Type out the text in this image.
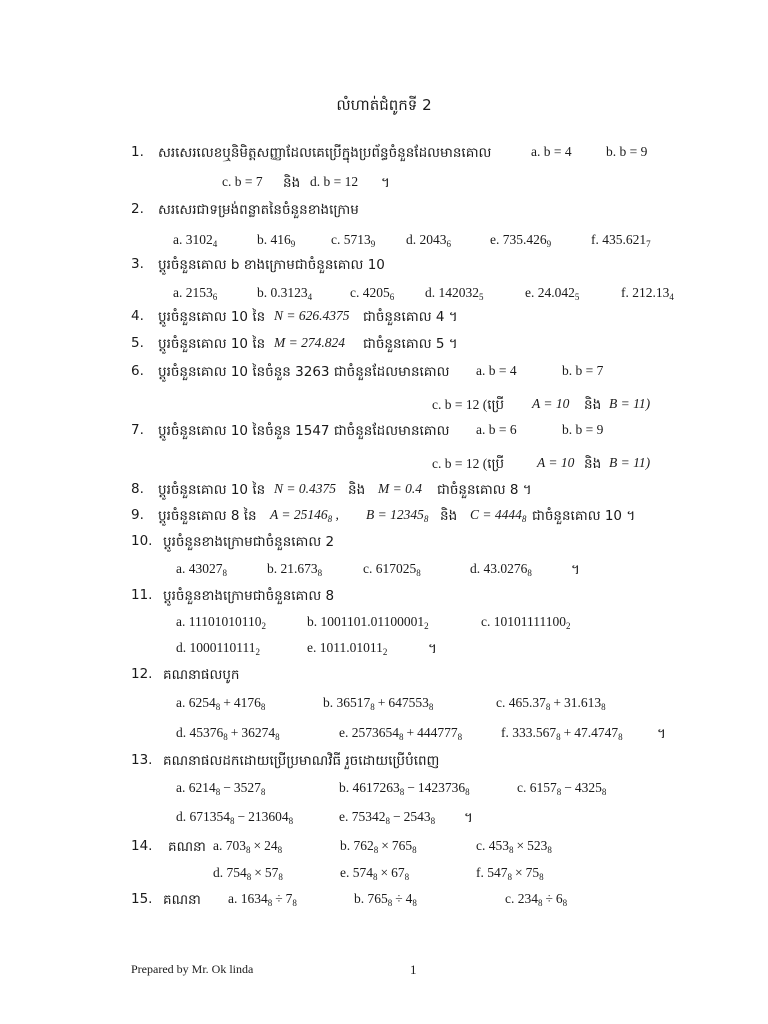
លំហាត់ជំពូកទី 2
1. សរសេរលេខឬនិមិត្តសញ្ញាដែលគេប្រើក្នុងប្រព័ន្ធចំនួនដែលមានគោល	a. b = 4	b. b = 9
c. b = 7 និង d. b = 12 ។
2. សរសេរជាទម្រង់ពន្លាតនៃចំនួនខាងក្រោម
a. $3102_4$	b. $416_9$	c. $5713_9$ d. $2043_6$	e. $735.426_9$	f. $435.621_7$
3. ប្តូរចំនួនគោល b ខាងក្រោមជាចំនួនគោល 10
a. $2153_6$	b. $0.3123_4$	c. $4205_6$ d. $142032_5$	e. $24.042_5$	f. $212.13_4$
4. ប្តូរចំនួនគោល 10 នៃ N = 626.4375 ជាចំនួនគោល 4 ។
5. ប្តូរចំនួនគោល 10 នៃ M = 274.824 ជាចំនួនគោល 5 ។
6. ប្តូរចំនួនគោល 10 នៃចំនួន 3263 ជាចំនួនដែលមានគោល a. b = 4	b. b = 7
c. b = 12 (ប្រើ A = 10 និង B = 11)
7. ប្តូរចំនួនគោល 10 នៃចំនួន 1547 ជាចំនួនដែលមានគោល a. b = 6	b. b = 9
c. b = 12 (ប្រើ A = 10 និង B = 11)
8. ប្តូរចំនួនគោល 10 នៃ N = 0.4375 និង M = 0.4 ជាចំនួនគោល 8 ។
9. ប្តូរចំនួនគោល 8 នៃ $A = 25146_8$ , $B = 12345_8$ និង $C = 4444_8$ ជាចំនួនគោល 10 ។
10. ប្តូរចំនួនខាងក្រោមជាចំនួនគោល 2
a. $43027_8$	b. $21.673_8$	c. $617025_8$	d. $43.0276_8$	។
11. ប្តូរចំនួនខាងក្រោមជាចំនួនគោល 8
a. $11101010110_2$	b. $1001101.01100001_2$	c. $10101111100_2$
d. $1000110111_2$	e. $1011.01011_2$	។
12. គណនាផលបូក
a. $6254_8 + 4176_8$	b. $36517_8 + 647553_8$	c. $465.37_8 + 31.613_8$
d. $45376_8 + 36274_8$	e. $2573654_8 + 444777_8$	f. $333.567_8 + 47.4747_8$	។
13. គណនាផលដកដោយប្រើប្រមាណវិធី រួចដោយប្រើបំពេញ
a. $6214_8 - 3527_8$	b. $4617263_8 - 1423736_8$	c. $6157_8 - 4325_8$
d. $671354_8 - 213604_8$	e. $75342_8 - 2543_8$ ។
14. គណនា a. $703_8 \times 24_8$	b. $762_8 \times 765_8$	c. $453_8 \times 523_8$
d. $754_8 \times 57_8$	e. $574_8 \times 67_8$	f. $547_8 \times 75_8$
15. គណនា a. $1634_8 \div 7_8$	b. $765_8 \div 4_8$	c. $234_8 \div 6_8$
Prepared by Mr. Ok linda	1
